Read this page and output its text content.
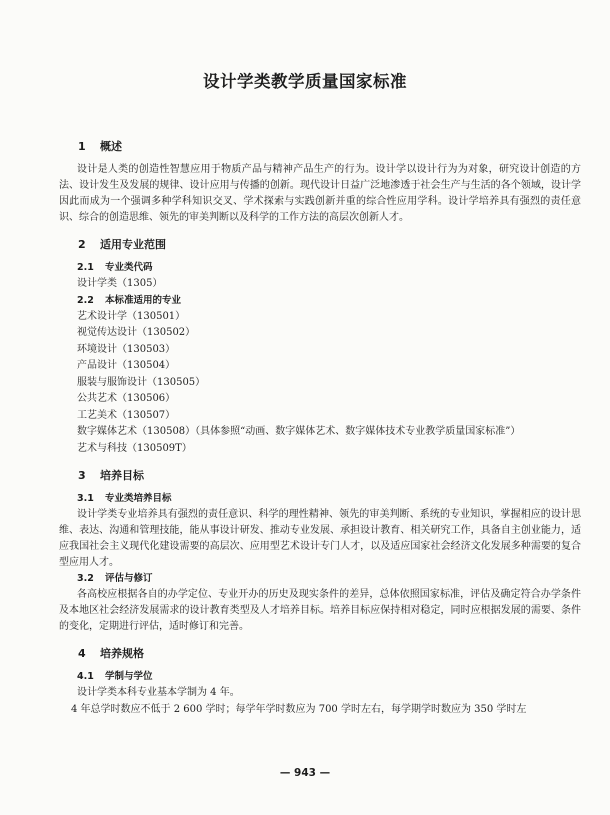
设计学类教学质量国家标准
1 概述

设计是人类的创造性智慧应用于物质产品与精神产品生产的行为。设计学以设计行为为对象，研究设计创造的方法、设计发生及发展的规律、设计应用与传播的创新。现代设计日益广泛地渗透于社会生产与生活的各个领域，设计学因此而成为一个强调多种学科知识交叉、学术探索与实践创新并重的综合性应用学科。设计学培养具有强烈的责任意识、综合的创造思维、领先的审美判断以及科学的工作方法的高层次创新人才。

2 适用专业范围
2.1 专业类代码
设计学类（1305）
2.2 本标准适用的专业
艺术设计学（130501）
视觉传达设计（130502）
环境设计（130503）
产品设计（130504）
服装与服饰设计（130505）
公共艺术（130506）
工艺美术（130507）
数字媒体艺术（130508）（具体参照“动画、数字媒体艺术、数字媒体技术专业教学质量国家标准”）
艺术与科技（130509T）
3 培养目标
3.1 专业类培养目标

设计学类专业培养具有强烈的责任意识、科学的理性精神、领先的审美判断、系统的专业知识，掌握相应的设计思维、表达、沟通和管理技能，能从事设计研发、推动专业发展、承担设计教育、相关研究工作，具备自主创业能力，适应我国社会主义现代化建设需要的高层次、应用型艺术设计专门人才，以及适应国家社会经济文化发展多种需要的复合型应用人才。

3.2 评估与修订

各高校应根据各自的办学定位、专业开办的历史及现实条件的差异，总体依照国家标准，评估及确定符合办学条件及本地区社会经济发展需求的设计教育类型及人才培养目标。培养目标应保持相对稳定，同时应根据发展的需要、条件的变化，定期进行评估，适时修订和完善。

4 培养规格
4.1 学制与学位
设计学类本科专业基本学制为 4 年。
4 年总学时数应不低于 2 600 学时；每学年学时数应为 700 学时左右，每学期学时数应为 350 学时左
— 943 —
